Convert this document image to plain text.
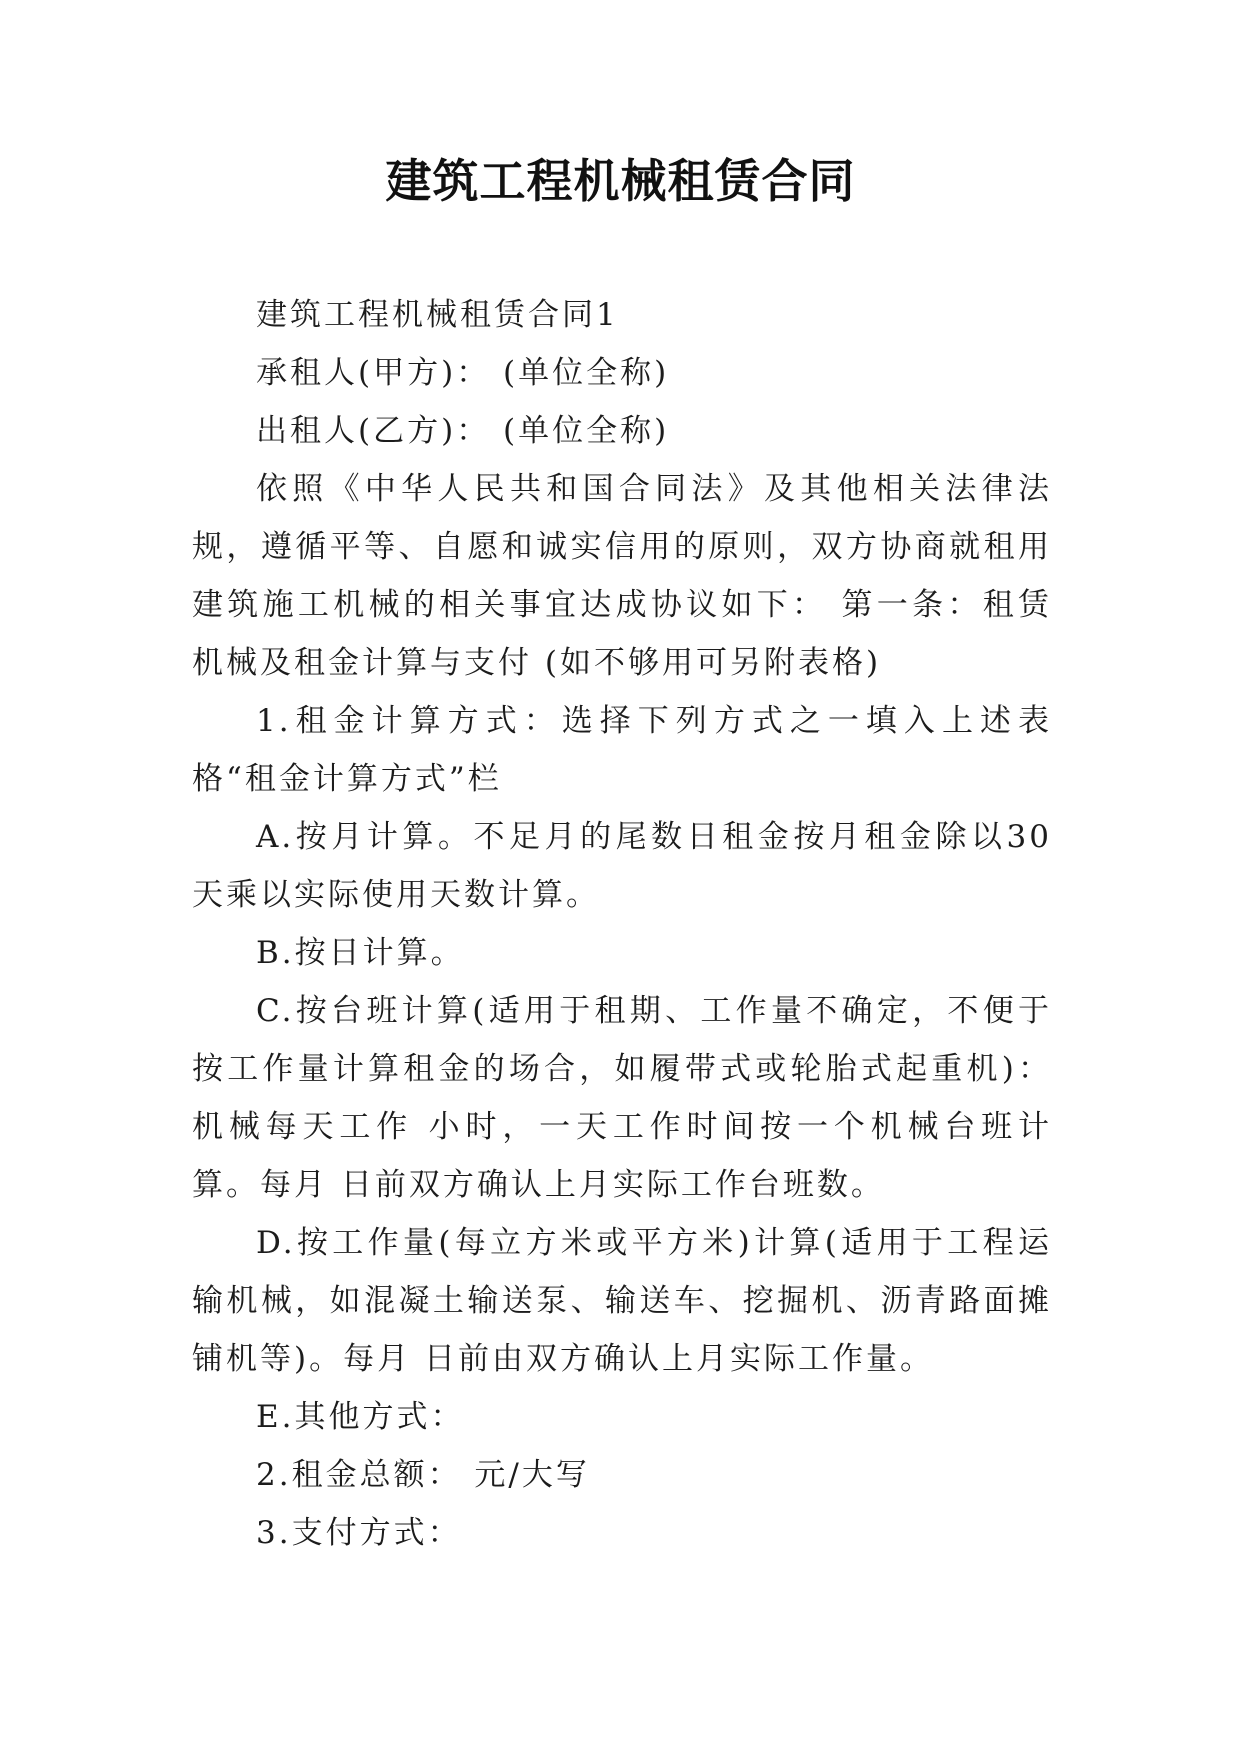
建筑工程机械租赁合同

建筑工程机械租赁合同1

承租人(甲方)： (单位全称)

出租人(乙方)： (单位全称)

依照《中华人民共和国合同法》及其他相关法律法规，遵循平等、自愿和诚实信用的原则，双方协商就租用建筑施工机械的相关事宜达成协议如下： 第一条：租赁机械及租金计算与支付 (如不够用可另附表格)

1.租金计算方式：选择下列方式之一填入上述表格“租金计算方式”栏

A.按月计算。不足月的尾数日租金按月租金除以30天乘以实际使用天数计算。

B.按日计算。

C.按台班计算(适用于租期、工作量不确定，不便于按工作量计算租金的场合，如履带式或轮胎式起重机)：机械每天工作 小时，一天工作时间按一个机械台班计算。每月 日前双方确认上月实际工作台班数。

D.按工作量(每立方米或平方米)计算(适用于工程运输机械，如混凝土输送泵、输送车、挖掘机、沥青路面摊铺机等)。每月 日前由双方确认上月实际工作量。

E.其他方式：

2.租金总额： 元/大写

3.支付方式：
